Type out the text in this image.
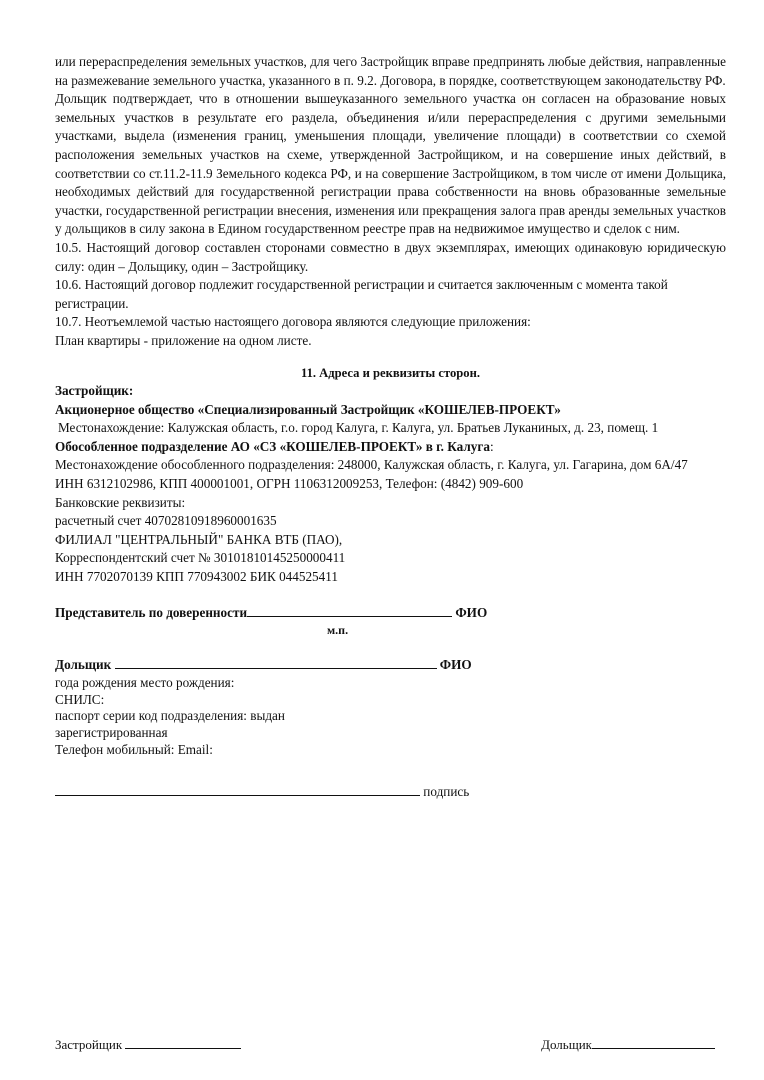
или перераспределения земельных участков, для чего Застройщик вправе предпринять любые действия, направленные на размежевание земельного участка, указанного в п. 9.2. Договора, в порядке, соответствующем законодательству РФ.

Дольщик подтверждает, что в отношении вышеуказанного земельного участка он согласен на образование новых земельных участков в результате его раздела, объединения и/или перераспределения с другими земельными участками, выдела (изменения границ, уменьшения площади, увеличение площади) в соответствии со схемой расположения земельных участков на схеме, утвержденной Застройщиком, и на совершение иных действий, в соответствии со ст.11.2-11.9 Земельного кодекса РФ, и на совершение Застройщиком, в том числе от имени Дольщика, необходимых действий для государственной регистрации права собственности на вновь образованные земельные участки, государственной регистрации внесения, изменения или прекращения залога прав аренды земельных участков у дольщиков в силу закона в Едином государственном реестре прав на недвижимое имущество и сделок с ним.

10.5. Настоящий договор составлен сторонами совместно в двух экземплярах, имеющих одинаковую юридическую силу: один – Дольщику, один – Застройщику.

10.6. Настоящий договор подлежит государственной регистрации и считается заключенным с момента такой регистрации.

10.7. Неотъемлемой частью настоящего договора являются следующие приложения:

План квартиры - приложение на одном листе.

11. Адреса и реквизиты сторон.

Застройщик:
Акционерное общество «Специализированный Застройщик «КОШЕЛЕВ-ПРОЕКТ»
Местонахождение: Калужская область, г.о. город Калуга, г. Калуга, ул. Братьев Луканиных, д. 23, помещ. 1
Обособленное подразделение АО «СЗ «КОШЕЛЕВ-ПРОЕКТ» в г. Калуга:
Местонахождение обособленного подразделения: 248000, Калужская область, г. Калуга, ул. Гагарина, дом 6А/47
ИНН 6312102986, КПП 400001001, ОГРН 1106312009253, Телефон: (4842) 909-600
Банковские реквизиты:
расчетный счет 40702810918960001635
ФИЛИАЛ "ЦЕНТРАЛЬНЫЙ" БАНКА ВТБ (ПАО),
Корреспондентский счет № 30101810145250000411
ИНН 7702070139 КПП 770943002 БИК 044525411
Представитель по доверенности	ФИО
м.п.
Дольщик	ФИО
года рождения место рождения:
СНИЛС:
паспорт серии код подразделения: выдан
зарегистрированная
Телефон мобильный: Email:
подпись
Застройщик	Дольщик
